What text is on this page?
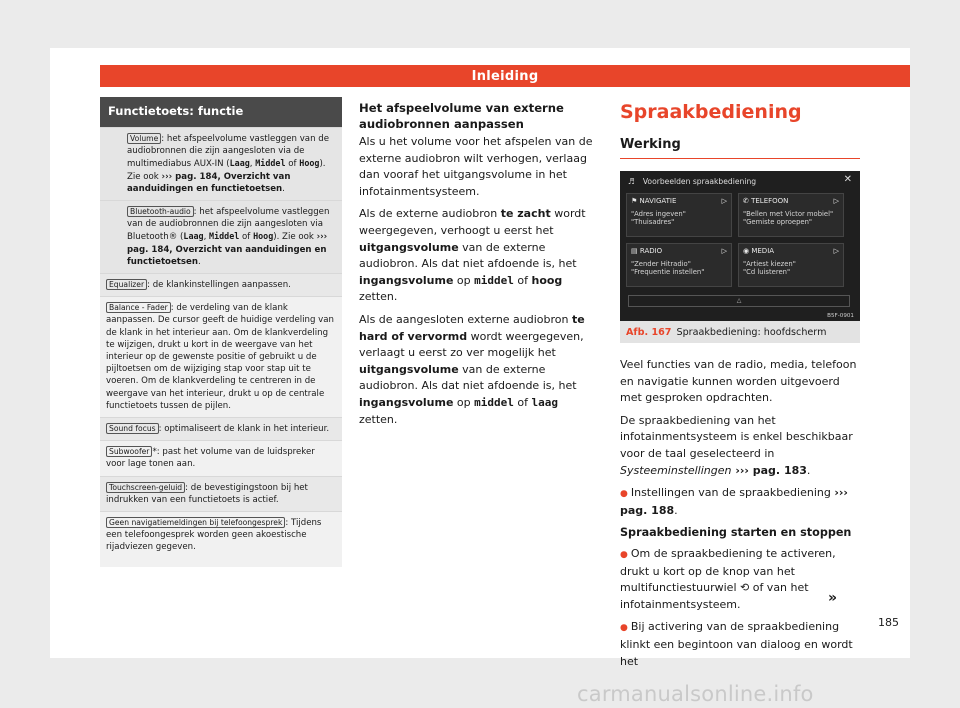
Inleiding
Functietoets: functie
Volume : het afspeelvolume vastleggen van de audiobronnen die zijn aangesloten via de multimediabus AUX-IN (Laag, Middel of Hoog). Zie ook ››› pag. 184, Overzicht van aanduidingen en functietoetsen.
Bluetooth-audio : het afspeelvolume vastleggen van de audiobronnen die zijn aangesloten via Bluetooth® (Laag, Middel of Hoog). Zie ook ››› pag. 184, Overzicht van aanduidingen en functietoetsen.
Equalizer : de klankinstellingen aanpassen.
Balance - Fader : de verdeling van de klank aanpassen. De cursor geeft de huidige verdeling van de klank in het interieur aan. Om de klankverdeling te wijzigen, drukt u kort in de weergave van het interieur op de gewenste positie of gebruikt u de pijltoetsen om de wijziging stap voor stap uit te voeren. Om de klankverdeling te centreren in de weergave van het interieur, drukt u op de centrale functietoets tussen de pijlen.
Sound focus : optimaliseert de klank in het interieur.
Subwoofer *: past het volume van de luidspreker voor lage tonen aan.
Touchscreen-geluid : de bevestigingstoon bij het indrukken van een functietoets is actief.
Geen navigatiemeldingen bij telefoongesprek : Tijdens een telefoongesprek worden geen akoestische rijadviezen gegeven.
Het afspeelvolume van externe audiobronnen aanpassen

Als u het volume voor het afspelen van de externe audiobron wilt verhogen, verlaag dan vooraf het uitgangsvolume in het infotainmentsysteem.

Als de externe audiobron te zacht wordt weergegeven, verhoogt u eerst het uitgangsvolume van de externe audiobron. Als dat niet afdoende is, het ingangsvolume op middel of hoog zetten.

Als de aangesloten externe audiobron te hard of vervormd wordt weergegeven, verlaagt u eerst zo ver mogelijk het uitgangsvolume van de externe audiobron. Als dat niet afdoende is, het ingangsvolume op middel of laag zetten.

Spraakbediening
Werking
♬ Voorbeelden spraakbediening	✕
⚑ NAVIGATIE	▷
"Adres ingeven"
"Thuisadres"
✆ TELEFOON	▷
"Bellen met Victor mobiel"
"Gemiste oproepen"
▤ RADIO	▷
"Zender Hitradio"
"Frequentie instellen"
◉ MEDIA	▷
"Artiest kiezen"
"Cd luisteren"
△
B5F-0901
Afb. 167 Spraakbediening: hoofdscherm

Veel functies van de radio, media, telefoon en navigatie kunnen worden uitgevoerd met gesproken opdrachten.

De spraakbediening van het infotainmentsysteem is enkel beschikbaar voor de taal geselecteerd in Systeeminstellingen ››› pag. 183.

● Instellingen van de spraakbediening ››› pag. 188.

Spraakbediening starten en stoppen

● Om de spraakbediening te activeren, drukt u kort op de knop van het multifunctiestuurwiel ⟲ of van het infotainmentsysteem.

● Bij activering van de spraakbediening klinkt een begintoon van dialoog en wordt het

»
185
carmanualsonline.info
